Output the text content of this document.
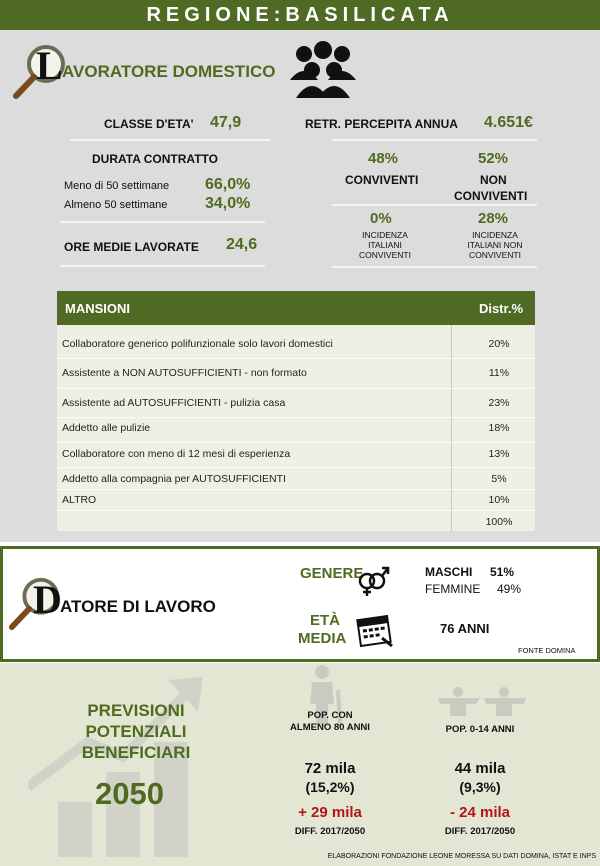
REGIONE:BASILICATA
L AVORATORE DOMESTICO
CLASSE D'ETA' 47,9	RETR. PERCEPITA ANNUA 4.651€
DURATA CONTRATTO
Meno di 50 settimane 66,0%
Almeno 50 settimane 34,0%
ORE MEDIE LAVORATE 24,6
48%
CONVIVENTI
52%
NON
CONVIVENTI
0%
INCIDENZA
ITALIANI
CONVIVENTI
28%
INCIDENZA
ITALIANI NON
CONVIVENTI
MANSIONI	Distr.%
Collaboratore generico polifunzionale solo lavori domestici	20%
Assistente a NON AUTOSUFFICIENTI - non formato	11%
Assistente ad AUTOSUFFICIENTI - pulizia casa	23%
Addetto alle pulizie	18%
Collaboratore con meno di 12 mesi di esperienza	13%
Addetto alla compagnia per AUTOSUFFICIENTI	5%
ALTRO	10%
100%
D
ATORE DI LAVORO
GENERE	MASCHI 51%
FEMMINE 49%
ETÀ
MEDIA
76 ANNI
FONTE DOMINA
PREVISIONI
POTENZIALI
BENEFICIARI
2050
POP. CON
ALMENO 80 ANNI
72 mila
(15,2%)
+ 29 mila
DIFF. 2017/2050
POP. 0-14 ANNI
44 mila
(9,3%)
- 24 mila
DIFF. 2017/2050
ELABORAZIONI FONDAZIONE LEONE MORESSA SU DATI DOMINA, ISTAT E INPS
